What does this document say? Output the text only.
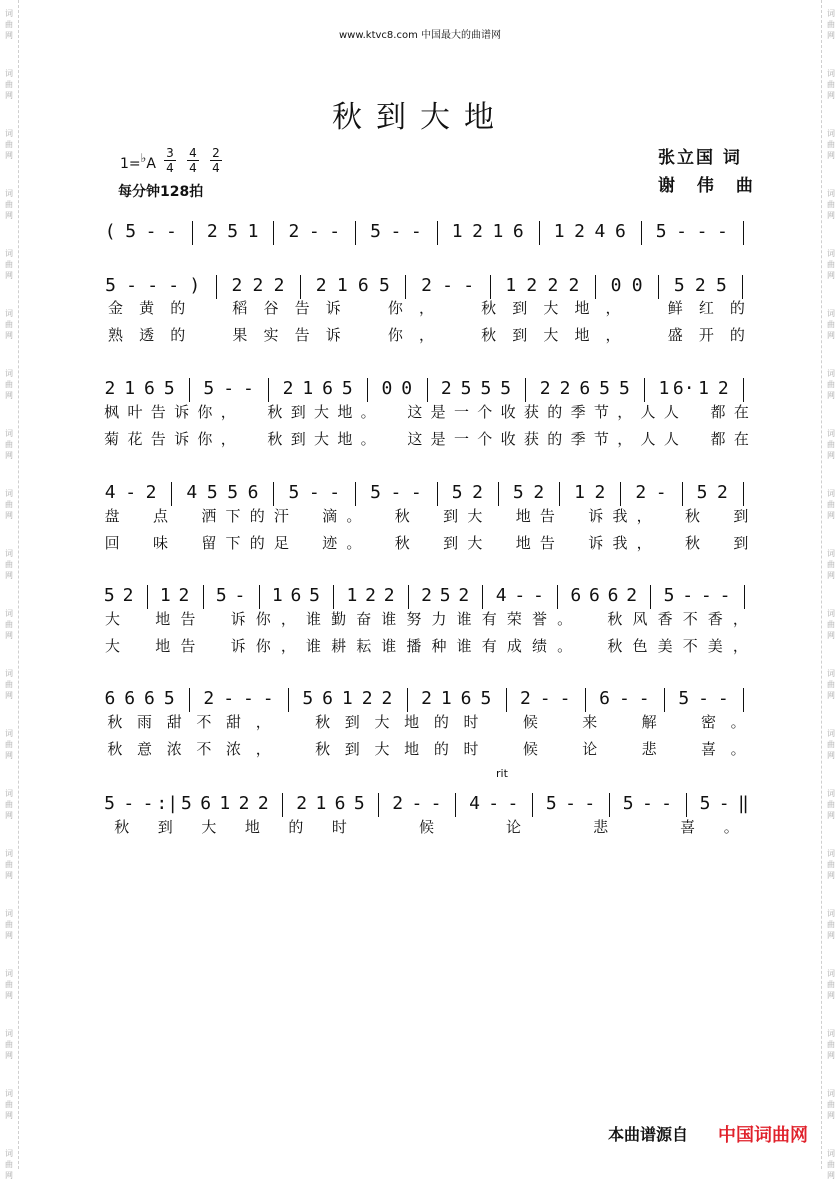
词
曲
网
词
曲
网
词
曲
网
词
曲
网
词
曲
网
词
曲
网
词
曲
网
词
曲
网
词
曲
网
词
曲
网
词
曲
网
词
曲
网
词
曲
网
词
曲
网
词
曲
网
词
曲
网
词
曲
网
词
曲
网
词
曲
网
词
曲
网
词
曲
网
词
曲
网
词
曲
网
词
曲
网
词
曲
网
词
曲
网
词
曲
网
词
曲
网
词
曲
网
词
曲
网
词
曲
网
词
曲
网
词
曲
网
词
曲
网
词
曲
网
词
曲
网
词
曲
网
词
曲
网
词
曲
网
词
曲
网
www.ktvc8.com 中国最大的曲谱网
秋到大地
1=♭A
3
4
4
4
2
4
每分钟128拍
张立国 词
谢 伟 曲
rit
( 5 - - 2 5 1 2 - - 5 - - 1 2 1 6 1 2 4 6 5 - - -
5 - - - ) 2 2 2 2 1 6 5 2 - - 1 2 2 2 0 0 5 2 5
2 1 6 5 5 - - 2 1 6 5 0 0 2 5 5 5 2 2 6 5 5 1 6· 1 2
4 - 2 4 5 5 6 5 - - 5 - - 5 2 5 2 1 2 2 - 5 2
5 2 1 2 5 - 1 6 5 1 2 2 2 5 2 4 - - 6 6 6 2 5 - - -
6 6 6 5 2 - - - 5 6 1 2 2 2 1 6 5 2 - - 6 - - 5 - -
5 - - :| 5 6 1 2 2 2 1 6 5 2 - - 4 - - 5 - - 5 - - 5 - ‖
金 黄 的	稻 谷 告 诉	你 ，	秋 到 大 地 ，	鲜 红 的
熟 透 的	果 实 告 诉	你 ，	秋 到 大 地 ，	盛 开 的
枫 叶 告 诉 你 ， 秋 到 大 地 。 这 是 一 个 收 获 的 季 节 ， 人 人 都 在
菊 花 告 诉 你 ， 秋 到 大 地 。 这 是 一 个 收 获 的 季 节 ， 人 人 都 在
盘 点 洒 下 的 汗 滴 。 秋 到 大 地 告 诉 我 ， 秋 到
回 味 留 下 的 足 迹 。 秋 到 大 地 告 诉 我 ， 秋 到
大 地 告 诉 你 ， 谁 勤 奋 谁 努 力 谁 有 荣 誉 。 秋 风 香 不 香 ，
大 地 告 诉 你 ， 谁 耕 耘 谁 播 种 谁 有 成 绩 。 秋 色 美 不 美 ，
秋 雨 甜 不 甜 ，	秋 到 大 地 的 时	候	来	解	密 。
秋 意 浓 不 浓 ，	秋 到 大 地 的 时	候	论	悲	喜 。
秋 到 大 地 的 时	候	论	悲	喜 。
本曲谱源自 中国词曲网
